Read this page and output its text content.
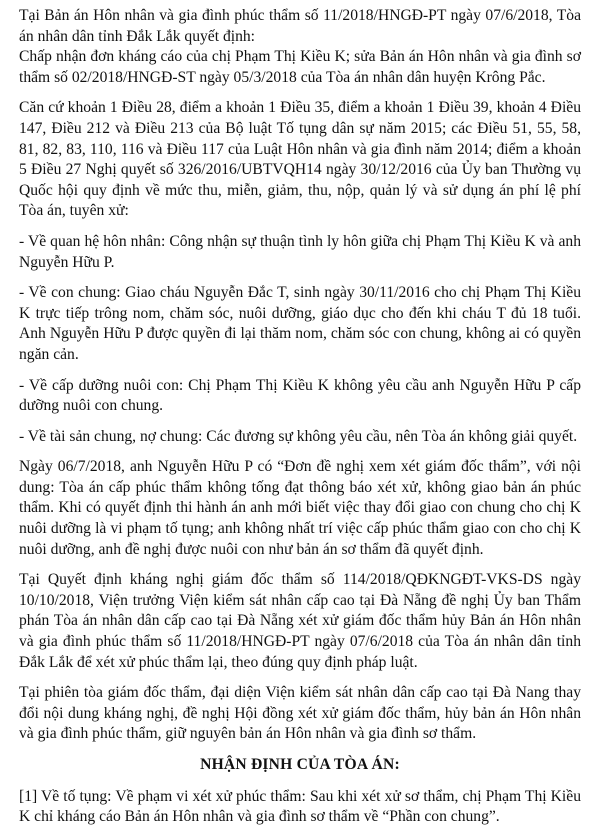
Tại Bản án Hôn nhân và gia đình phúc thẩm số 11/2018/HNGĐ-PT ngày 07/6/2018, Tòa án nhân dân tỉnh Đắk Lắk quyết định:

Chấp nhận đơn kháng cáo của chị Phạm Thị Kiều K; sửa Bản án Hôn nhân và gia đình sơ thẩm số 02/2018/HNGĐ-ST ngày 05/3/2018 của Tòa án nhân dân huyện Krông Pắc.

Căn cứ khoản 1 Điều 28, điểm a khoản 1 Điều 35, điểm a khoản 1 Điều 39, khoản 4 Điều 147, Điều 212 và Điều 213 của Bộ luật Tố tụng dân sự năm 2015; các Điều 51, 55, 58, 81, 82, 83, 110, 116 và Điều 117 của Luật Hôn nhân và gia đình năm 2014; điểm a khoản 5 Điều 27 Nghị quyết số 326/2016/UBTVQH14 ngày 30/12/2016 của Ủy ban Thường vụ Quốc hội quy định về mức thu, miễn, giảm, thu, nộp, quản lý và sử dụng án phí lệ phí Tòa án, tuyên xử:

- Về quan hệ hôn nhân: Công nhận sự thuận tình ly hôn giữa chị Phạm Thị Kiều K và anh Nguyễn Hữu P.

- Về con chung: Giao cháu Nguyễn Đắc T, sinh ngày 30/11/2016 cho chị Phạm Thị Kiều K trực tiếp trông nom, chăm sóc, nuôi dưỡng, giáo dục cho đến khi cháu T đủ 18 tuổi. Anh Nguyễn Hữu P được quyền đi lại thăm nom, chăm sóc con chung, không ai có quyền ngăn cản.

- Về cấp dưỡng nuôi con: Chị Phạm Thị Kiều K không yêu cầu anh Nguyễn Hữu P cấp dưỡng nuôi con chung.

- Về tài sản chung, nợ chung: Các đương sự không yêu cầu, nên Tòa án không giải quyết.

Ngày 06/7/2018, anh Nguyễn Hữu P có “Đơn đề nghị xem xét giám đốc thẩm”, với nội dung: Tòa án cấp phúc thẩm không tống đạt thông báo xét xử, không giao bản án phúc thẩm. Khi có quyết định thi hành án anh mới biết việc thay đổi giao con chung cho chị K nuôi dưỡng là vi phạm tố tụng; anh không nhất trí việc cấp phúc thẩm giao con cho chị K nuôi dưỡng, anh đề nghị được nuôi con như bản án sơ thẩm đã quyết định.

Tại Quyết định kháng nghị giám đốc thẩm số 114/2018/QĐKNGĐT-VKS-DS ngày 10/10/2018, Viện trưởng Viện kiểm sát nhân cấp cao tại Đà Nẵng đề nghị Ủy ban Thẩm phán Tòa án nhân dân cấp cao tại Đà Nẵng xét xử giám đốc thẩm hủy Bản án Hôn nhân và gia đình phúc thẩm số 11/2018/HNGĐ-PT ngày 07/6/2018 của Tòa án nhân dân tỉnh Đắk Lắk để xét xử phúc thẩm lại, theo đúng quy định pháp luật.

Tại phiên tòa giám đốc thẩm, đại diện Viện kiểm sát nhân dân cấp cao tại Đà Nang thay đổi nội dung kháng nghị, đề nghị Hội đồng xét xử giám đốc thẩm, hủy bản án Hôn nhân và gia đình phúc thẩm, giữ nguyên bản án Hôn nhân và gia đình sơ thẩm.

NHẬN ĐỊNH CỦA TÒA ÁN:

[1] Về tố tụng: Về phạm vi xét xử phúc thẩm: Sau khi xét xử sơ thẩm, chị Phạm Thị Kiều K chỉ kháng cáo Bản án Hôn nhân và gia đình sơ thẩm về “Phần con chung”.
